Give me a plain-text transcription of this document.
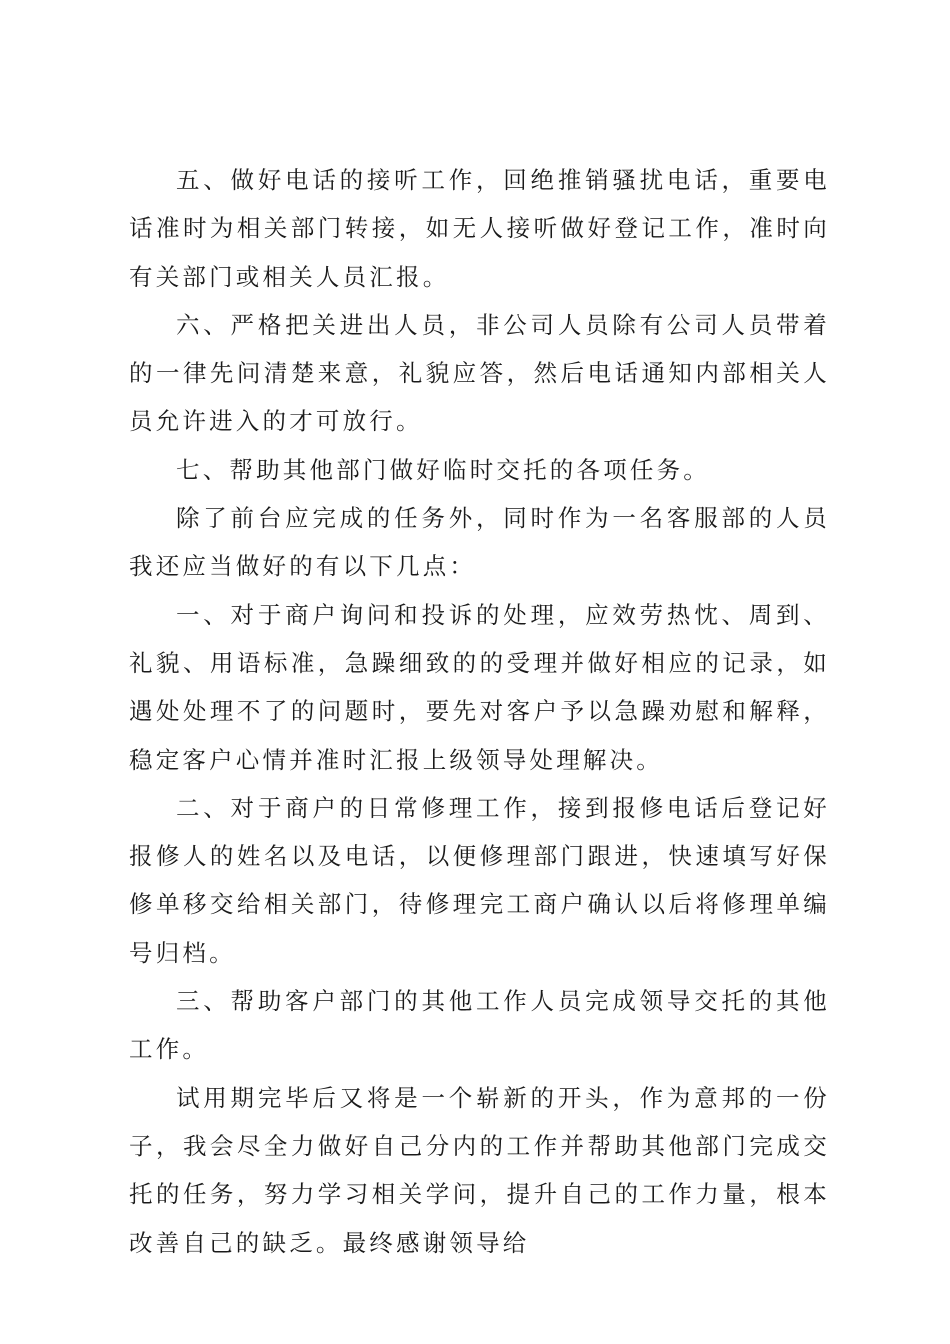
五、做好电话的接听工作，回绝推销骚扰电话，重要电话准时为相关部门转接，如无人接听做好登记工作，准时向有关部门或相关人员汇报。

六、严格把关进出人员，非公司人员除有公司人员带着的一律先问清楚来意，礼貌应答，然后电话通知内部相关人员允许进入的才可放行。

七、帮助其他部门做好临时交托的各项任务。

除了前台应完成的任务外，同时作为一名客服部的人员我还应当做好的有以下几点：

一、对于商户询问和投诉的处理，应效劳热忱、周到、礼貌、用语标准，急躁细致的的受理并做好相应的记录，如遇处处理不了的问题时，要先对客户予以急躁劝慰和解释，稳定客户心情并准时汇报上级领导处理解决。

二、对于商户的日常修理工作，接到报修电话后登记好报修人的姓名以及电话，以便修理部门跟进，快速填写好保修单移交给相关部门，待修理完工商户确认以后将修理单编号归档。

三、帮助客户部门的其他工作人员完成领导交托的其他工作。

试用期完毕后又将是一个崭新的开头，作为意邦的一份子，我会尽全力做好自己分内的工作并帮助其他部门完成交托的任务，努力学习相关学问，提升自己的工作力量，根本改善自己的缺乏。最终感谢领导给
